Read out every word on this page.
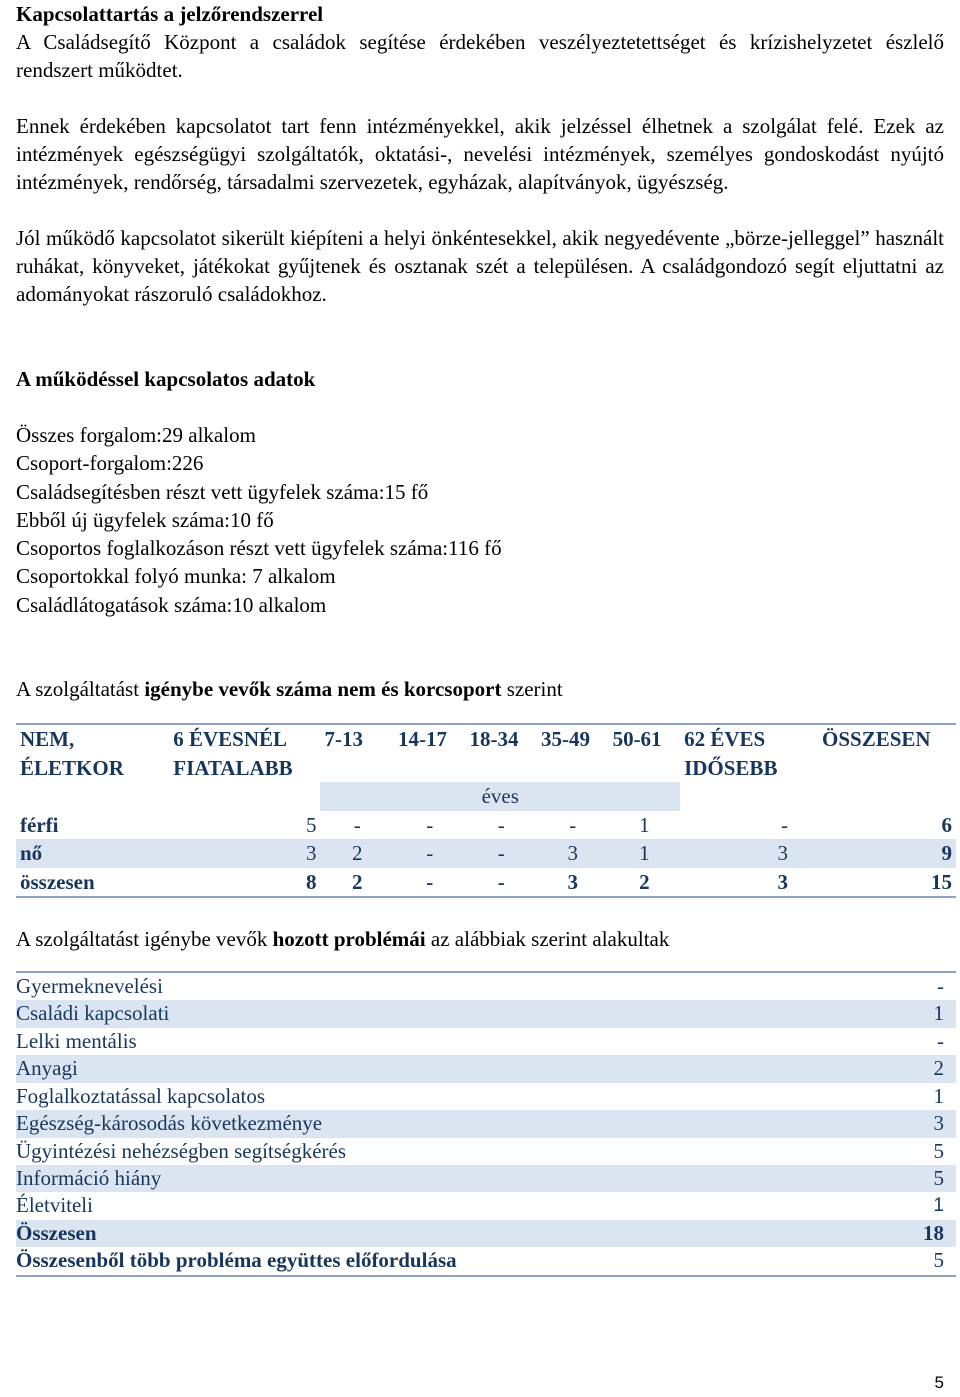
Kapcsolattartás a jelzőrendszerrel

A Családsegítő Központ a családok segítése érdekében veszélyeztetettséget és krízishelyzetet észlelő rendszert működtet.

Ennek érdekében kapcsolatot tart fenn intézményekkel, akik jelzéssel élhetnek a szolgálat felé. Ezek az intézmények egészségügyi szolgáltatók, oktatási-, nevelési intézmények, személyes gondoskodást nyújtó intézmények, rendőrség, társadalmi szervezetek, egyházak, alapítványok, ügyészség.

Jól működő kapcsolatot sikerült kiépíteni a helyi önkéntesekkel, akik negyedévente „börze-jelleggel” használt ruhákat, könyveket, játékokat gyűjtenek és osztanak szét a településen. A családgondozó segít eljuttatni az adományokat rászoruló családokhoz.

A működéssel kapcsolatos adatok
Összes forgalom:29 alkalom
Csoport-forgalom:226
Családsegítésben részt vett ügyfelek száma:15 fő
Ebből új ügyfelek száma:10 fő
Csoportos foglalkozáson részt vett ügyfelek száma:116 fő
Csoportokkal folyó munka: 7 alkalom
Családlátogatások száma:10 alkalom

A szolgáltatást igénybe vevők száma nem és korcsoport szerint

NEM, ÉLETKOR	6 ÉVESNÉL FIATALABB	7-13	14-17	18-34	35-49	50-61	62 ÉVES IDŐSEBB	ÖSSZESEN
		éves						
férfi	5	-	-	-	-	1	-	6
nő	3	2	-	-	3	1	3	9
összesen	8	2	-	-	3	2	3	15

A szolgáltatást igénybe vevők hozott problémái az alábbiak szerint alakultak

Gyermeknevelési	-
Családi kapcsolati	1
Lelki mentális	-
Anyagi	2
Foglalkoztatással kapcsolatos	1
Egészség-károsodás következménye	3
Ügyintézési nehézségben segítségkérés	5
Információ hiány	5
Életviteli	1
Összesen	18
Összesenből több probléma együttes előfordulása	5
5
